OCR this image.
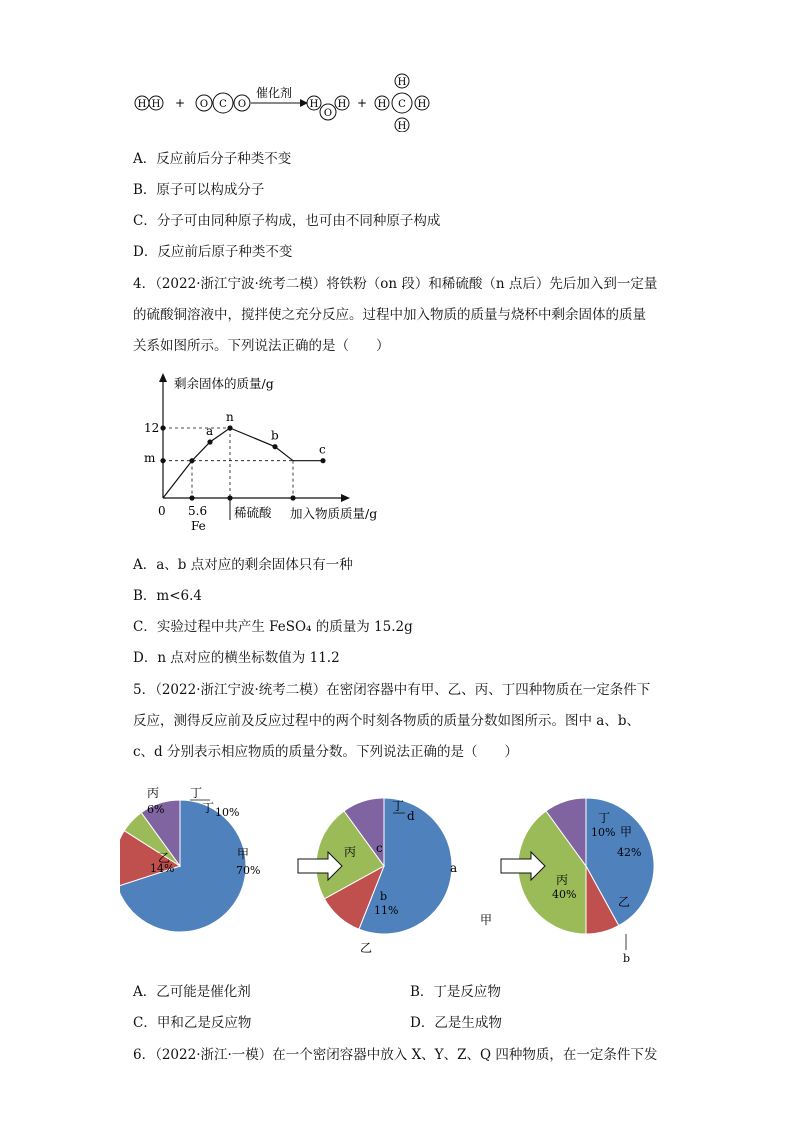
H H + O C O
催化剂
H
O
H +
H
H C H
H
A．反应前后分子种类不变
B．原子可以构成分子
C．分子可由同种原子构成，也可由不同种原子构成
D．反应前后原子种类不变
4．（2022·浙江宁波·统考二模）将铁粉（on 段）和稀硫酸（n 点后）先后加入到一定量
的硫酸铜溶液中，搅拌使之充分反应。过程中加入物质的质量与烧杯中剩余固体的质量
关系如图所示。下列说法正确的是（　　）
剩余固体的质量/g
加入物质质量/g
12
m
0 5.6
Fe
稀硫酸
a
n
b
c
A．a、b 点对应的剩余固体只有一种
B．m<6.4
C．实验过程中共产生 FeSO₄ 的质量为 15.2g
D．n 点对应的横坐标数值为 11.2
5．（2022·浙江宁波·统考二模）在密闭容器中有甲、乙、丙、丁四种物质在一定条件下
反应，测得反应前及反应过程中的两个时刻各物质的质量分数如图所示。图中 a、b、
c、d 分别表示相应物质的质量分数。下列说法正确的是（　　）
70%
甲
乙
14%
丁 10%
a
b
11%
c
d
甲
42%
乙
丙
40%
丁
10%
丙
6%
丁
丁
丙
乙
甲
b
A．乙可能是催化剂	B．丁是反应物
C．甲和乙是反应物	D．乙是生成物
6．（2022·浙江·一模）在一个密闭容器中放入 X、Y、Z、Q 四种物质，在一定条件下发
